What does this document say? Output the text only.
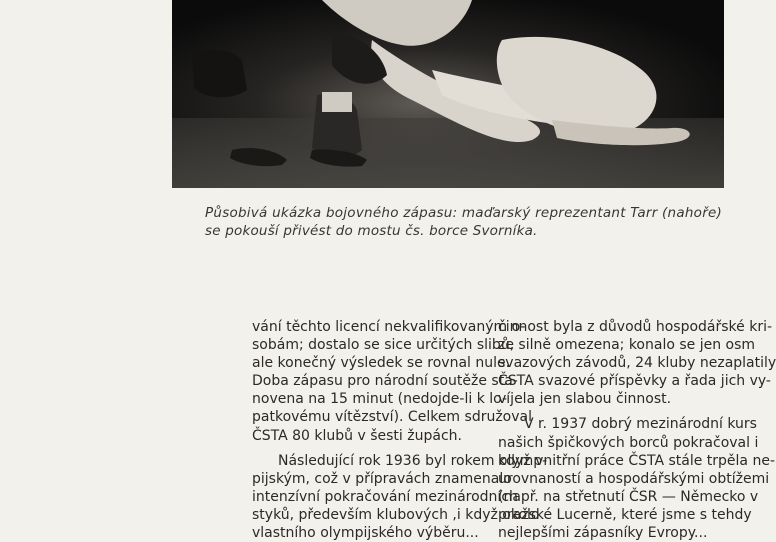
Působivá ukázka bojovného zápasu: maďarský reprezentant Tarr (nahoře)
se pokouší přivést do mostu čs. borce Svorníka.
vání těchto licencí nekvalifikovaným o-
sobám; dostalo se sice určitých slibů,
ale konečný výsledek se rovnal nule.
Doba zápasu pro národní soutěže sta-
novena na 15 minut (nedojde-li k lo-
patkovému vítězství). Celkem sdružoval
ČSTA 80 klubů v šesti župách.
Následující rok 1936 byl rokem olymp-
pijským, což v přípravách znamenalo
intenzívní pokračování mezinárodních
styků, především klubových ,i když okolo
vlastního olympijského výběru...
činnost byla z důvodů hospodářské kri-
ze silně omezena; konalo se jen osm
svazových závodů, 24 kluby nezaplatily
ČSTA svazové příspěvky a řada jich vy-
víjela jen slabou činnost.
V r. 1937 dobrý mezinárodní kurs
našich špičkových borců pokračoval i
když vnitřní práce ČSTA stále trpěla ne-
urovnaností a hospodářskými obtížemi
(např. na střetnutí ČSR — Německo v
pražské Lucerně, které jsme s tehdy
nejlepšími zápasníky Evropy...
